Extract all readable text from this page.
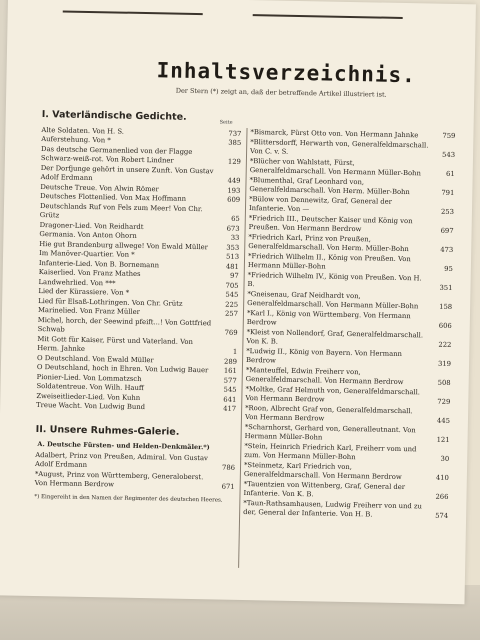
Inhaltsverzeichnis.
Der Stern (*) zeigt an, daß der betreffende Artikel illustriert ist.
Seite
I. Vaterländische Gedichte.
Alte Soldaten. Von H. S.	737
Auferstehung. Von *	385
Das deutsche Germanenlied von der Flagge Schwarz-weiß-rot. Von Robert Lindner	129
Der Dorfjunge gehört in unsere Zunft. Von Gustav Adolf Erdmann	449
Deutsche Treue. Von Alwin Römer	193
Deutsches Flottenlied. Von Max Hoffmann	609
Deutschlands Ruf von Fels zum Meer! Von Chr. Grütz	65
Dragoner-Lied. Von Reidhardt	673
Germania. Von Anton Ohorn	33
Hie gut Brandenburg allwege! Von Ewald Müller	353
Im Manöver-Quartier. Von *	513
Infanterie-Lied. Von B. Bornemann	481
Kaiserlied. Von Franz Mathes	97
Landwehrlied. Von ***	705
Lied der Kürassiere. Von *	545
Lied für Elsaß-Lothringen. Von Chr. Grütz	225
Marinelied. Von Franz Müller	257
Michel, horch, der Seewind pfeift...! Von Gottfried Schwab	769
Mit Gott für Kaiser, Fürst und Vaterland. Von Herm. Jahnke	1
O Deutschland. Von Ewald Müller	289
O Deutschland, hoch in Ehren. Von Ludwig Bauer	161
Pionier-Lied. Von Lommatzsch	577
Soldatentreue. Von Wilh. Hauff	545
Zweiseitlieder-Lied. Von Kuhn	641
Treue Wacht. Von Ludwig Bund	417
II. Unsere Ruhmes-Galerie.
A. Deutsche Fürsten- und Helden-Denkmäler.*)
Adalbert, Prinz von Preußen, Admiral. Von Gustav Adolf Erdmann	786
*August, Prinz von Württemberg, Generaloberst. Von Hermann Berdrow	671
*) Eingereiht in den Namen der Regimenter des deutschen Heeres.
*Bismarck, Fürst Otto von. Von Hermann Jahnke	759
*Blittersdorff, Herwarth von, Generalfeldmarschall. Von C. v. S.	543
*Blücher von Wahlstatt, Fürst, Generalfeldmarschall. Von Hermann Müller-Bohn	61
*Blumenthal, Graf Leonhard von, Generalfeldmarschall. Von Herm. Müller-Bohn	791
*Bülow von Dennewitz, Graf, General der Infanterie. Von —	253
*Friedrich III., Deutscher Kaiser und König von Preußen. Von Hermann Berdrow	697
*Friedrich Karl, Prinz von Preußen, Generalfeldmarschall. Von Herm. Müller-Bohn	473
*Friedrich Wilhelm II., König von Preußen. Von Hermann Müller-Bohn	95
*Friedrich Wilhelm IV., König von Preußen. Von H. B.	351
*Gneisenau, Graf Neidhardt von, Generalfeldmarschall. Von Hermann Müller-Bohn	158
*Karl I., König von Württemberg. Von Hermann Berdrow	606
*Kleist von Nollendorf, Graf, Generalfeldmarschall. Von K. B.	222
*Ludwig II., König von Bayern. Von Hermann Berdrow	319
*Manteuffel, Edwin Freiherr von, Generalfeldmarschall. Von Hermann Berdrow	508
*Moltke, Graf Helmuth von, Generalfeldmarschall. Von Hermann Berdrow	729
*Roon, Albrecht Graf von, Generalfeldmarschall. Von Hermann Berdrow	445
*Scharnhorst, Gerhard von, Generalleutnant. Von Hermann Müller-Bohn	121
*Stein, Heinrich Friedrich Karl, Freiherr vom und zum. Von Hermann Müller-Bohn	30
*Steinmetz, Karl Friedrich von, Generalfeldmarschall. Von Hermann Berdrow	410
*Tauentzien von Wittenberg, Graf, General der Infanterie. Von K. B.	266
*Taun-Rathsamhausen, Ludwig Freiherr von und zu der, General der Infanterie. Von H. B.	574
